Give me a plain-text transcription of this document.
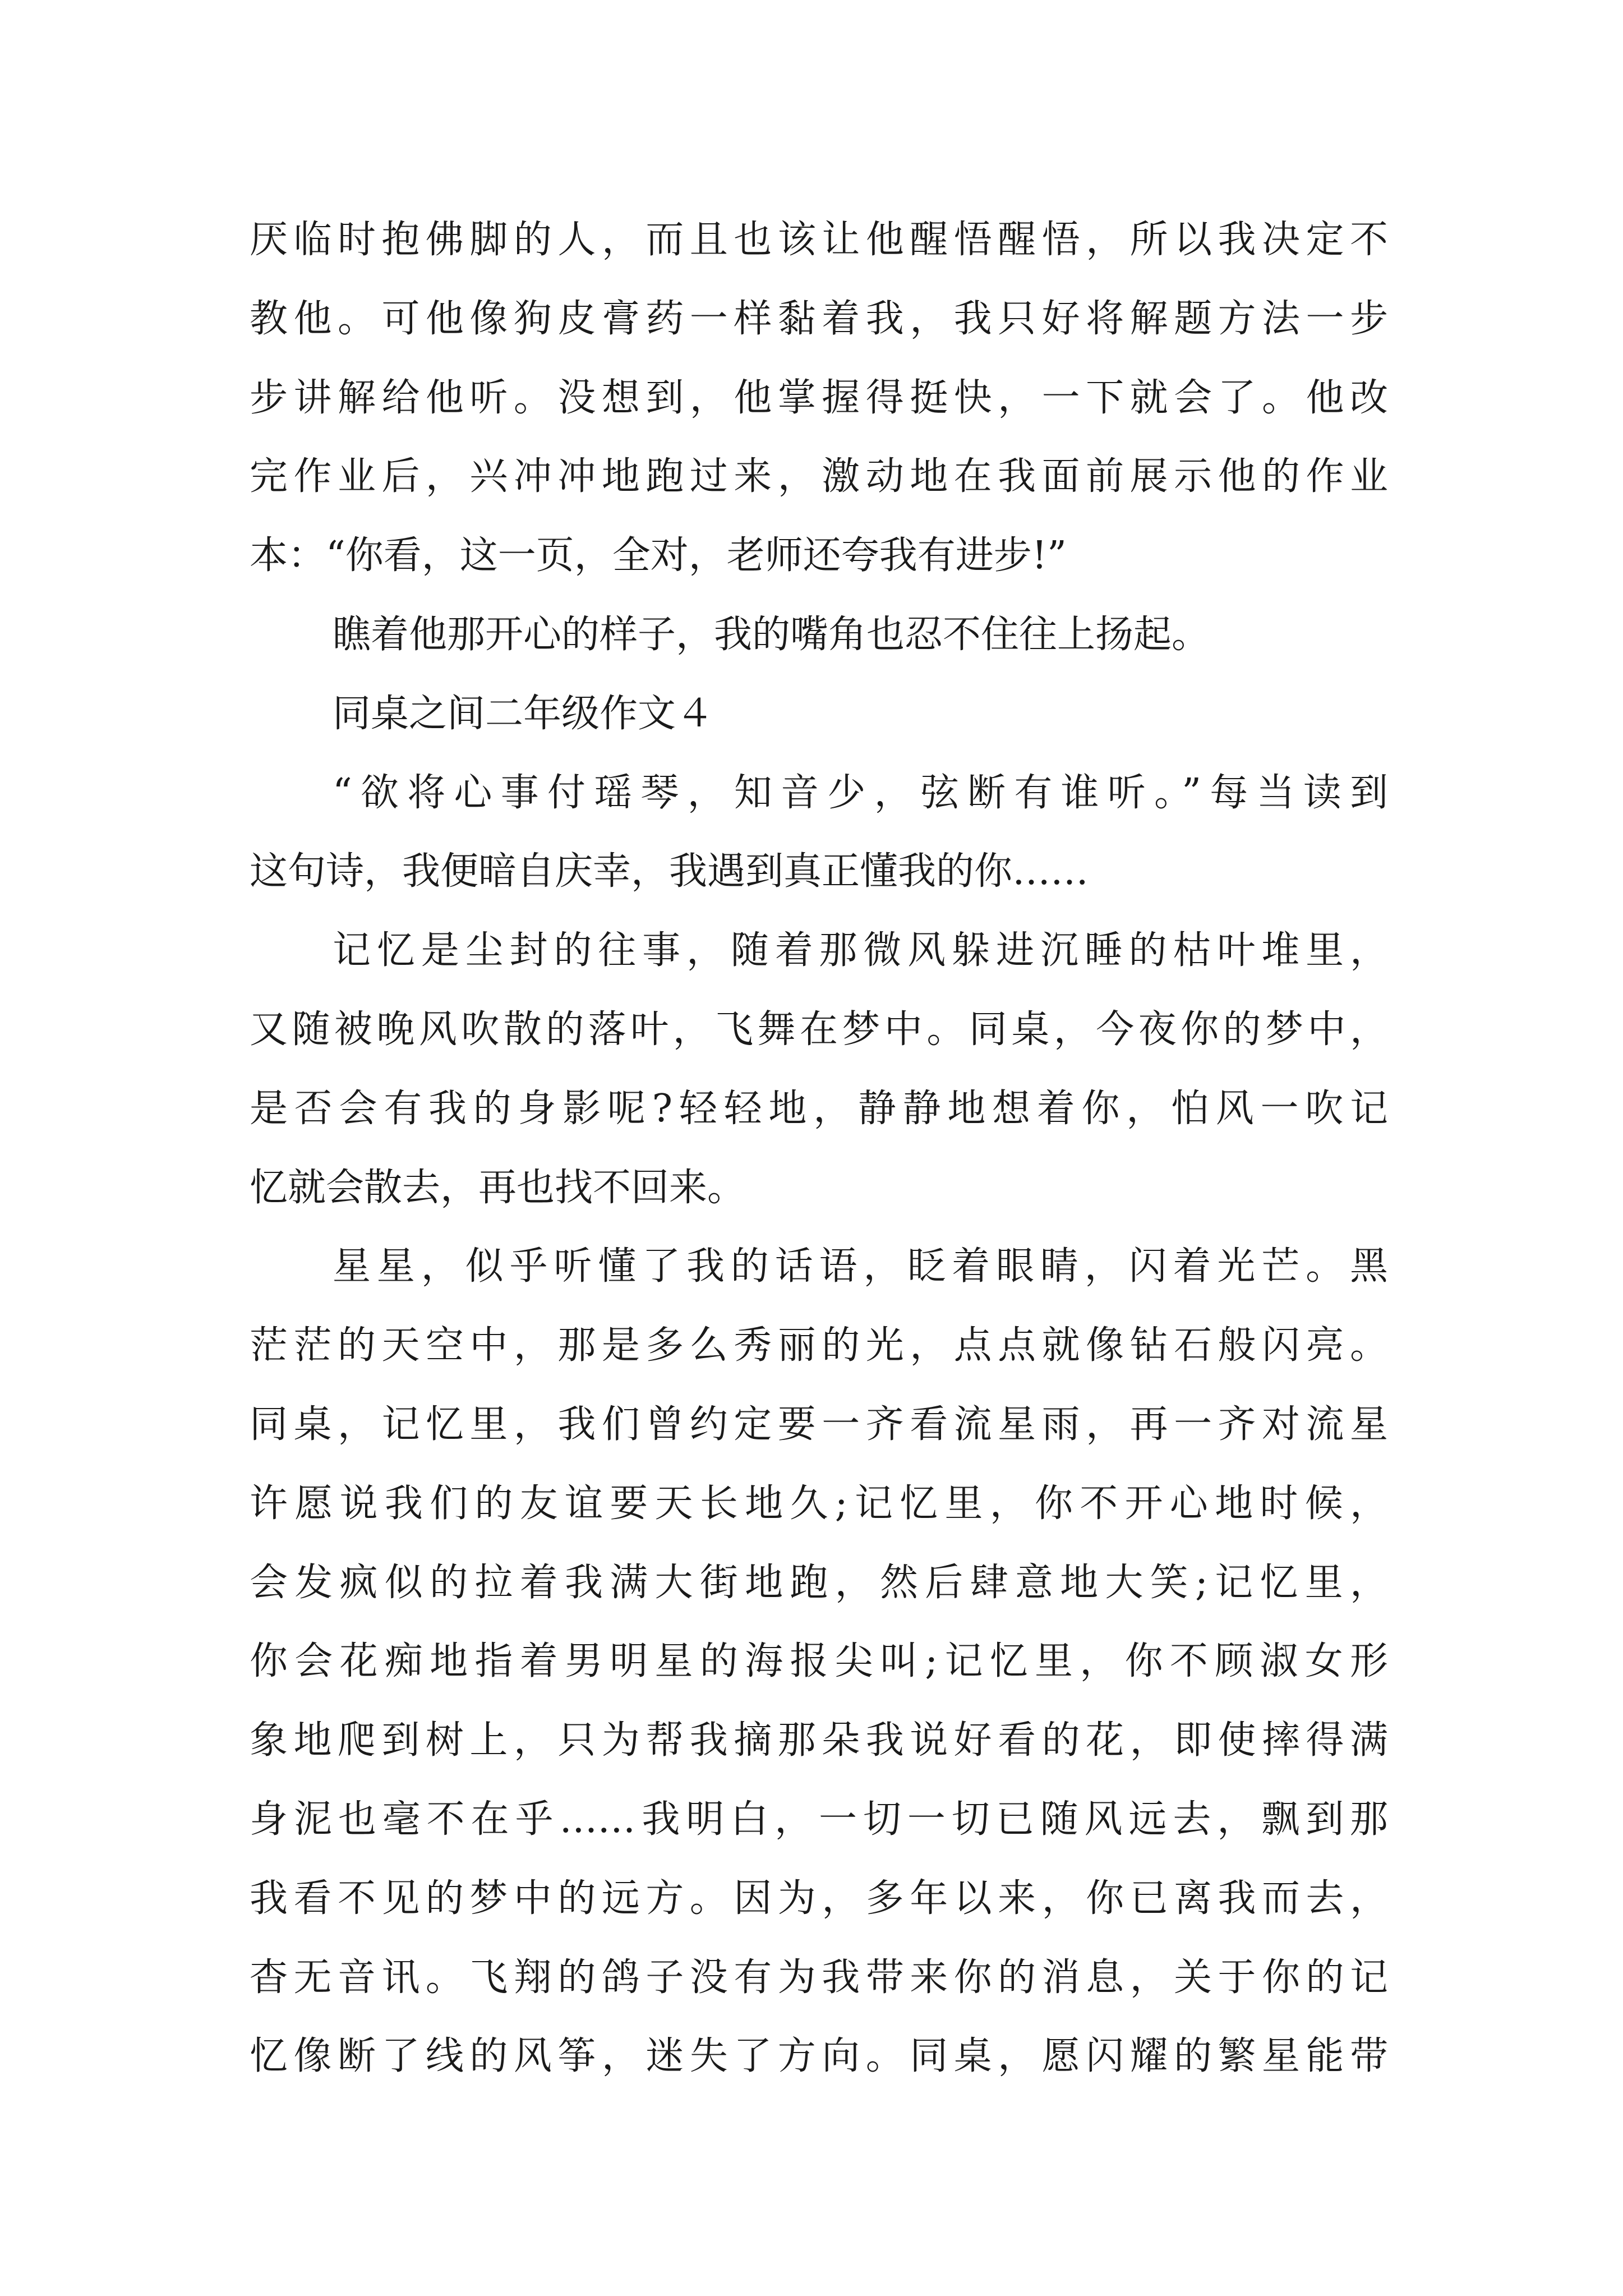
厌临时抱佛脚的人，而且也该让他醒悟醒悟，所以我决定不
教他。可他像狗皮膏药一样黏着我，我只好将解题方法一步
步讲解给他听。没想到，他掌握得挺快，一下就会了。他改
完作业后，兴冲冲地跑过来，激动地在我面前展示他的作业
本：“你看，这一页，全对，老师还夸我有进步!”
瞧着他那开心的样子，我的嘴角也忍不住往上扬起。
同桌之间二年级作文４
“欲将心事付瑶琴，知音少，弦断有谁听。”每当读到
这句诗，我便暗自庆幸，我遇到真正懂我的你……
记忆是尘封的往事，随着那微风躲进沉睡的枯叶堆里，
又随被晚风吹散的落叶，飞舞在梦中。同桌，今夜你的梦中，
是否会有我的身影呢?轻轻地，静静地想着你，怕风一吹记
忆就会散去，再也找不回来。
星星，似乎听懂了我的话语，眨着眼睛，闪着光芒。黑
茫茫的天空中，那是多么秀丽的光，点点就像钻石般闪亮。
同桌，记忆里，我们曾约定要一齐看流星雨，再一齐对流星
许愿说我们的友谊要天长地久;记忆里，你不开心地时候，
会发疯似的拉着我满大街地跑，然后肆意地大笑;记忆里，
你会花痴地指着男明星的海报尖叫;记忆里，你不顾淑女形
象地爬到树上，只为帮我摘那朵我说好看的花，即使摔得满
身泥也毫不在乎……我明白，一切一切已随风远去，飘到那
我看不见的梦中的远方。因为，多年以来，你已离我而去，
杳无音讯。飞翔的鸽子没有为我带来你的消息，关于你的记
忆像断了线的风筝，迷失了方向。同桌，愿闪耀的繁星能带
